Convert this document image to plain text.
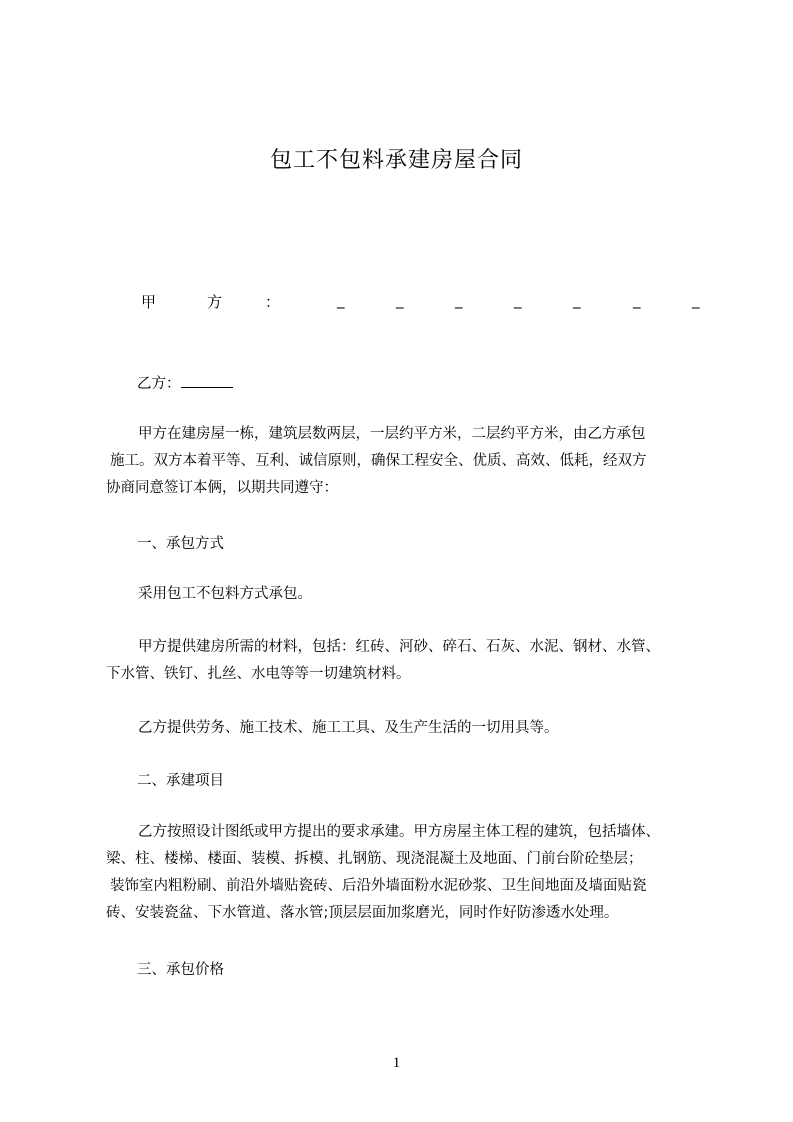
包工不包料承建房屋合同
甲	方	：	_	_	_	_	_	_	_
乙方：

甲方在建房屋一栋，建筑层数两层，一层约平方米，二层约平方米，由乙方承包
施工。双方本着平等、互利、诚信原则，确保工程安全、优质、高效、低耗，经双方
协商同意签订本俩，以期共同遵守：

一、承包方式

采用包工不包料方式承包。

甲方提供建房所需的材料，包括：红砖、河砂、碎石、石灰、水泥、钢材、水管、
下水管、铁钉、扎丝、水电等等一切建筑材料。

乙方提供劳务、施工技术、施工工具、及生产生活的一切用具等。

二、承建项目

乙方按照设计图纸或甲方提出的要求承建。甲方房屋主体工程的建筑，包括墙体、
梁、柱、楼梯、楼面、装模、拆模、扎钢筋、现浇混凝土及地面、门前台阶砼垫层；
装饰室内粗粉刷、前沿外墙贴瓷砖、后沿外墙面粉水泥砂浆、卫生间地面及墙面贴瓷
砖、安装瓷盆、下水管道、落水管;顶层层面加浆磨光，同时作好防渗透水处理。

三、承包价格
1
